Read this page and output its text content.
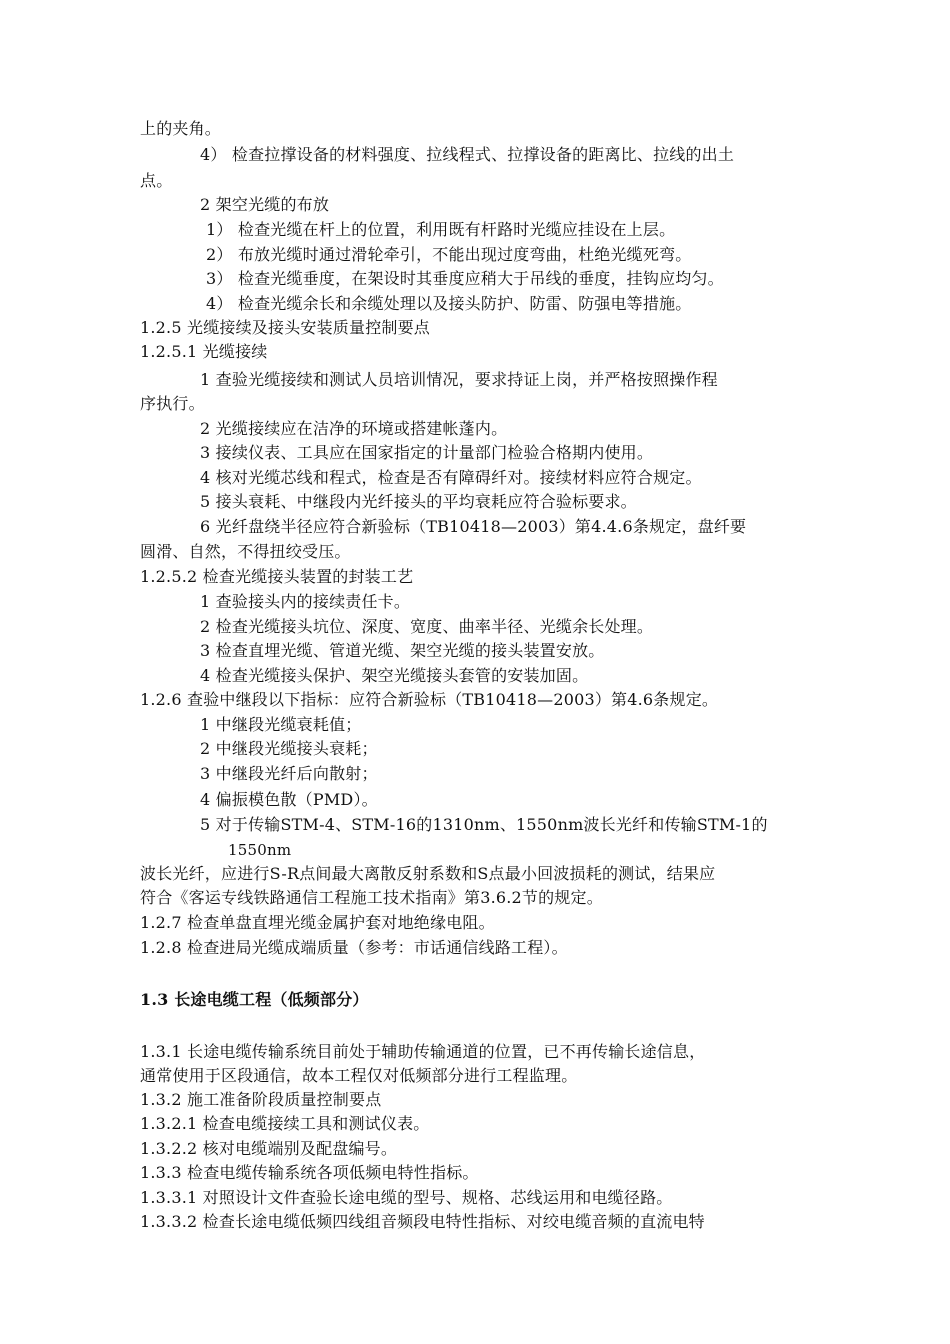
上的夹角。
4） 检查拉撑设备的材料强度、拉线程式、拉撑设备的距离比、拉线的出土
点。
2 架空光缆的布放
1） 检查光缆在杆上的位置，利用既有杆路时光缆应挂设在上层。
2） 布放光缆时通过滑轮牵引，不能出现过度弯曲，杜绝光缆死弯。
3） 检查光缆垂度，在架设时其垂度应稍大于吊线的垂度，挂钩应均匀。
4） 检查光缆余长和余缆处理以及接头防护、防雷、防强电等措施。
1.2.5 光缆接续及接头安装质量控制要点
1.2.5.1 光缆接续
1 查验光缆接续和测试人员培训情况，要求持证上岗，并严格按照操作程
序执行。
2 光缆接续应在洁净的环境或搭建帐蓬内。
3 接续仪表、工具应在国家指定的计量部门检验合格期内使用。
4 核对光缆芯线和程式，检查是否有障碍纤对。接续材料应符合规定。
5 接头衰耗、中继段内光纤接头的平均衰耗应符合验标要求。
6 光纤盘绕半径应符合新验标（TB10418—2003）第4.4.6条规定，盘纤要
圆滑、自然，不得扭绞受压。
1.2.5.2 检查光缆接头装置的封装工艺
1 查验接头内的接续责任卡。
2 检查光缆接头坑位、深度、宽度、曲率半径、光缆余长处理。
3 检查直埋光缆、管道光缆、架空光缆的接头装置安放。
4 检查光缆接头保护、架空光缆接头套管的安装加固。
1.2.6 查验中继段以下指标：应符合新验标（TB10418—2003）第4.6条规定。
1 中继段光缆衰耗值；
2 中继段光缆接头衰耗；
3 中继段光纤后向散射；
4 偏振模色散（PMD）。
5 对于传输STM-4、STM-16的1310nm、1550nm波长光纤和传输STM-1的
1550nm
波长光纤，应进行S-R点间最大离散反射系数和S点最小回波损耗的测试，结果应
符合《客运专线铁路通信工程施工技术指南》第3.6.2节的规定。
1.2.7 检查单盘直埋光缆金属护套对地绝缘电阻。
1.2.8 检查进局光缆成端质量（参考：市话通信线路工程）。
1.3 长途电缆工程（低频部分）
1.3.1 长途电缆传输系统目前处于辅助传输通道的位置，已不再传输长途信息，
通常使用于区段通信，故本工程仅对低频部分进行工程监理。
1.3.2 施工准备阶段质量控制要点
1.3.2.1 检查电缆接续工具和测试仪表。
1.3.2.2 核对电缆端别及配盘编号。
1.3.3 检查电缆传输系统各项低频电特性指标。
1.3.3.1 对照设计文件查验长途电缆的型号、规格、芯线运用和电缆径路。
1.3.3.2 检查长途电缆低频四线组音频段电特性指标、对绞电缆音频的直流电特
